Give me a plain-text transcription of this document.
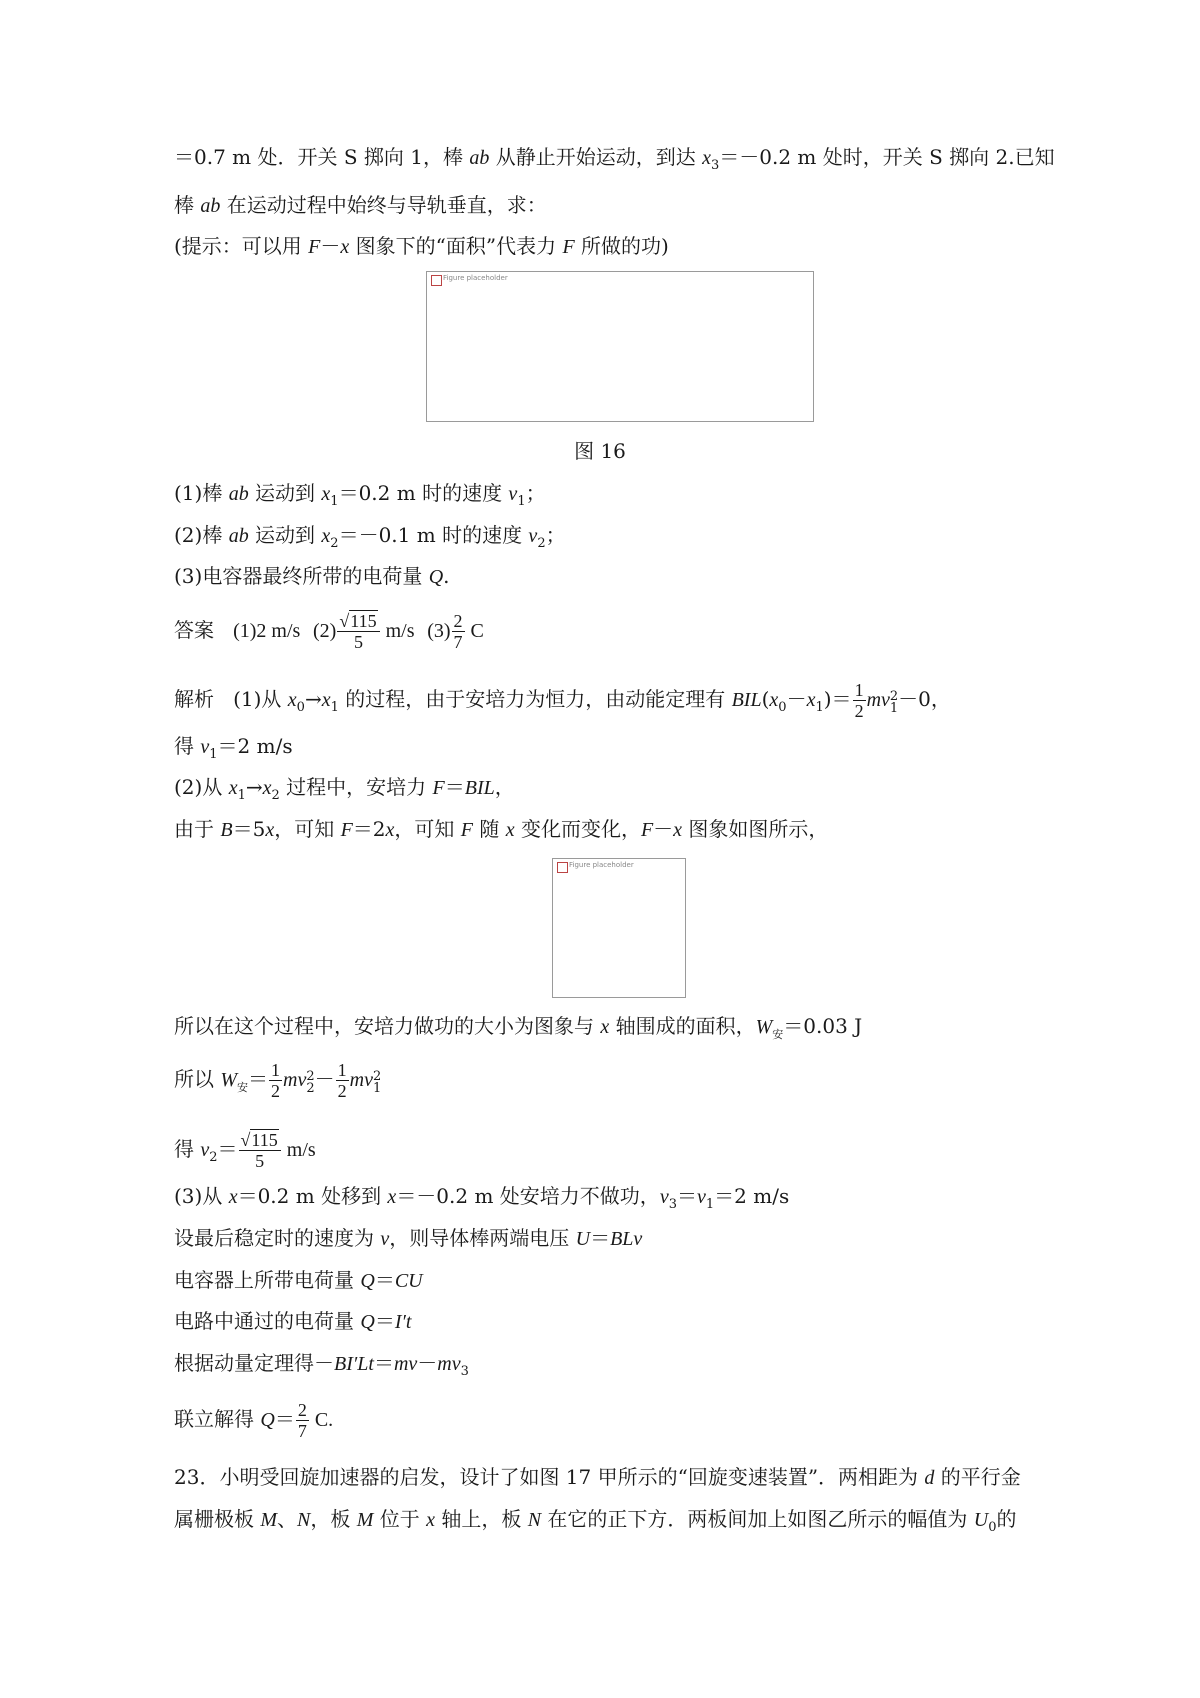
＝0.7 m 处．开关 S 掷向 1，棒 ab 从静止开始运动，到达 $x_3=-0.2$ m 处时，开关 S 掷向 2.已知
棒 ab 在运动过程中始终与导轨垂直，求：
(提示：可以用 F－x 图象下的“面积”代表力 F 所做的功)
Figure placeholder
图 16
(1)棒 ab 运动到 $x_1=0.2$ m 时的速度 $v_1$；
(2)棒 ab 运动到 $x_2=-0.1$ m 时的速度 $v_2$；
(3)电容器最终所带的电荷量 Q.
答案 (1)2 m/s $(2) \frac{√115}{5} m/s$ $(3) \frac{2}{7}$ C
解析 (1)从 $x_0\to x_1$ 的过程，由于安培力为恒力，由动能定理有 $BIL(x_0-x_1)= \frac{1}{2}$ mv 2
1 －0，
得 $v_1=2$ m/s
(2)从 $x_1\to x_2$ 过程中，安培力 F＝BIL，
由于 B＝5x，可知 F＝2x，可知 F 随 x 变化而变化，F－x 图象如图所示，
Figure placeholder
所以在这个过程中，安培力做功的大小为图象与 x 轴围成的面积，$W_安=0.03$ J
所以 $W_安= \frac{1}{2}$ mv 2
$2 - \frac{1}{2}$ mv 2
1
得 $v_2= \frac{√115}{5} m/s$
(3)从 x＝0.2 m 处移到 x＝－0.2 m 处安培力不做功，$v_3=v_1=2$ m/s
设最后稳定时的速度为 v，则导体棒两端电压 U＝BLv
电容器上所带电荷量 Q＝CU
电路中通过的电荷量 Q＝I′t
根据动量定理得$-BI'Lt=mv-mv_3$
联立解得 $Q= \frac{2}{7} C$.
23．小明受回旋加速器的启发，设计了如图 17 甲所示的“回旋变速装置”．两相距为 d 的平行金
属栅极板 M、N，板 M 位于 x 轴上，板 N 在它的正下方．两板间加上如图乙所示的幅值为 $U_0$的
